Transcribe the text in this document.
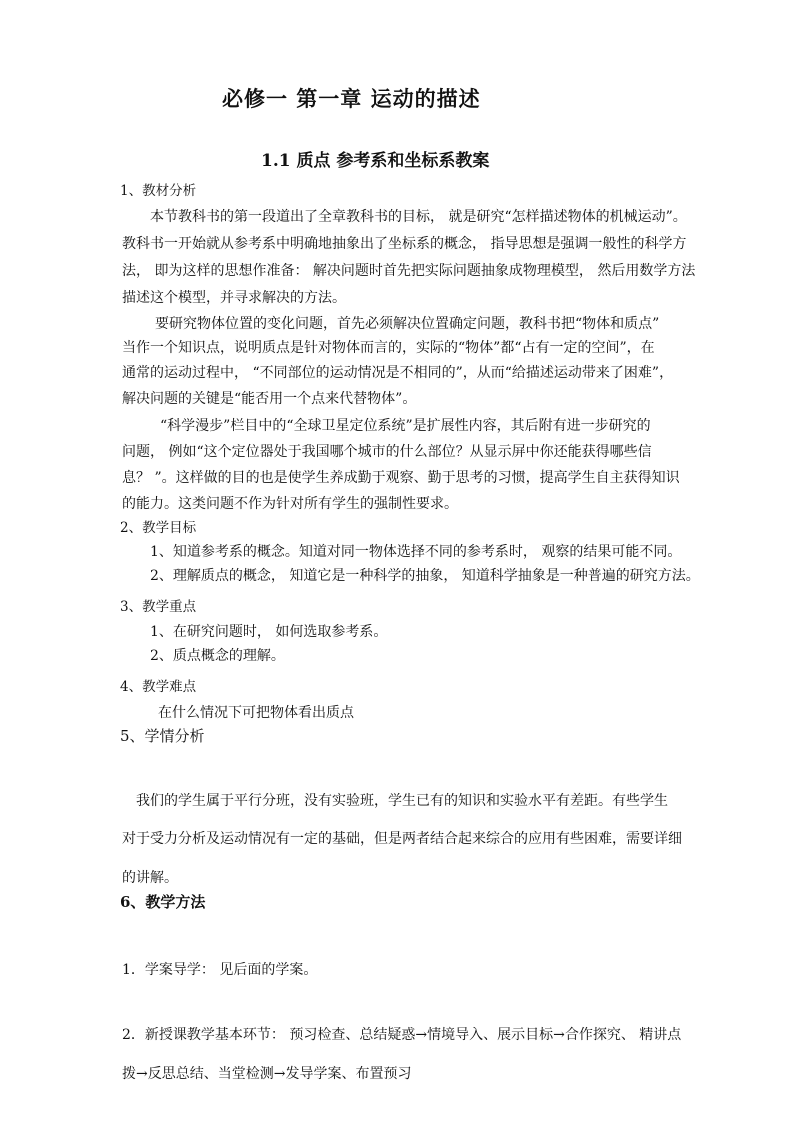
必修一 第一章 运动的描述
1.1 质点 参考系和坐标系教案
1、教材分析
本节教科书的第一段道出了全章教科书的目标， 就是研究“怎样描述物体的机械运动”。
教科书一开始就从参考系中明确地抽象出了坐标系的概念， 指导思想是强调一般性的科学方
法， 即为这样的思想作准备： 解决问题时首先把实际问题抽象成物理模型， 然后用数学方法
描述这个模型，并寻求解决的方法。
要研究物体位置的变化问题，首先必须解决位置确定问题，教科书把“物体和质点”
当作一个知识点，说明质点是针对物体而言的，实际的“物体”都“占有一定的空间”，在
通常的运动过程中， “不同部位的运动情况是不相同的”，从而“给描述运动带来了困难”，
解决问题的关键是“能否用一个点来代替物体”。
“科学漫步”栏目中的“全球卫星定位系统”是扩展性内容，其后附有进一步研究的
问题， 例如“这个定位器处于我国哪个城市的什么部位？从显示屏中你还能获得哪些信
息？ ”。这样做的目的也是使学生养成勤于观察、勤于思考的习惯，提高学生自主获得知识
的能力。这类问题不作为针对所有学生的强制性要求。
2、教学目标
1、知道参考系的概念。知道对同一物体选择不同的参考系时， 观察的结果可能不同。
2、理解质点的概念， 知道它是一种科学的抽象， 知道科学抽象是一种普遍的研究方法。
3、教学重点
1、在研究问题时， 如何选取参考系。
2、质点概念的理解。
4、教学难点
在什么情况下可把物体看出质点
5、学情分析
我们的学生属于平行分班，没有实验班，学生已有的知识和实验水平有差距。有些学生
对于受力分析及运动情况有一定的基础，但是两者结合起来综合的应用有些困难，需要详细
的讲解。
6、教学方法
1．学案导学： 见后面的学案。
2．新授课教学基本环节： 预习检查、总结疑惑→情境导入、展示目标→合作探究、 精讲点
拨→反思总结、当堂检测→发导学案、布置预习
